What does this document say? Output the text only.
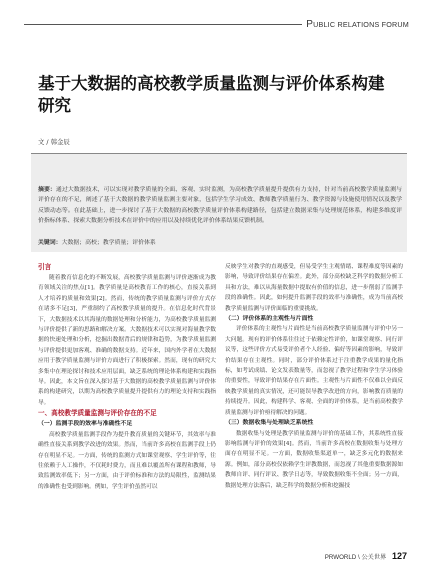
PUBLIC RELATIONS FORUM
基于大数据的高校教学质量监测与评价体系构建研究
文 / 韩金辰

摘要：通过大数据技术，可以实现对教学质量的全面、客观、实时监测，为高校教学质量提升提供有力支持，针对当前高校教学质量监测与评价存在的不足，阐述了基于大数据的教学质量监测主要对象，包括学生学习成效、教师教学质量行为、教学资源与设施使用情况以及教学反馈动态等。在此基础上，进一步探讨了基于大数据的高校教学质量评价体系构建路径，包括建立数据采集与处理规范体系，构建多维度评价指标体系、探索大数据分析技术在评价中的应用以及持续优化评价体系结果反馈机制。

关键词：大数据；高校；教学质量；评价体系

引言

随着教育信息化的不断发展，高校教学质量监测与评价逐渐成为教育领域关注的焦点[1]。教学质量是高校教育工作的核心，直接关系到人才培养的质量和效果[2]。然而，传统的教学质量监测与评价方式存在诸多不足[3]，严重制约了高校教学质量的提升。在信息化时代背景下，大数据技术以其海量的数据处理和分析能力，为高校教学质量监测与评价提供了新的思路和解决方案。大数据技术可以实现对海量教学数据的快速处理和分析，挖掘出数据背后的规律和趋势，为教学质量监测与评价提供更加客观、准确的数据支持。近年来，国内外学者在大数据应用于教学质量监测与评价方面进行了积极探索。然而，现有的研究大多集中在理论探讨和技术应用层面，缺乏系统的理论体系构建和实践指导。因此，本文旨在深入探讨基于大数据的高校教学质量监测与评价体系的构建研究，以期为高校教学质量提升提供有力的理论支持和实践指导。

一、高校教学质量监测与评价存在的不足

（一）监测手段的效率与准确性不足

高校教学质量监测手段作为提升教育质量的关键环节，其效率与准确性直接关系到教学改进的效果。然而，当前许多高校在监测手段上仍存在明显不足。一方面，传统的监测方式如课堂观察、学生评价等，往往依赖于人工操作，不仅耗时费力，而且难以覆盖所有课程和教师，导致监测效率低下；另一方面，由于评价标准和方法的局限性，监测结果的准确性也受到影响。例如，学生评价虽然可以

反映学生对教学的直观感受，但易受学生主观情绪、课程难度等因素的影响，导致评价结果存在偏差。此外，部分高校缺乏科学的数据分析工具和方法，难以从海量数据中提取有价值的信息，进一步削弱了监测手段的准确性。因此，如何提升监测手段的效率与准确性，成为当前高校教学质量监测与评价面临的重要挑战。

（二）评价体系的主观性与片面性

评价体系的主观性与片面性是当前高校教学质量监测与评价中另一大问题。现有的评价体系往往过于依赖定性评价，如课堂观察、同行评议等，这些评价方式易受评价者个人经验、偏好等因素的影响，导致评价结果存在主观性。同时，部分评价体系过于注重教学成果的量化指标，如考试成绩、论文发表数量等，而忽视了教学过程和学生学习体验的重要性，导致评价结果存在片面性。主观性与片面性不仅难以全面反映教学质量的真实情况，还可能误导教学改进的方向，影响教育质量的持续提升。因此，构建科学、客观、全面的评价体系，是当前高校教学质量监测与评价亟待解决的问题。

（三）数据收集与处理缺乏系统性

数据收集与处理是教学质量监测与评价的基础工作，其系统性直接影响监测与评价的效果[4]。然而，当前许多高校在数据收集与处理方面存在明显不足。一方面，数据收集渠道单一，缺乏多元化的数据来源。例如，部分高校仅依赖学生评教数据，而忽视了其他重要数据源如教师自评、同行评议、教学日志等，导致数据收集不全面；另一方面，数据处理方法落后，缺乏科学的数据分析和挖掘技

PRWORLD \ 公关世界 127
